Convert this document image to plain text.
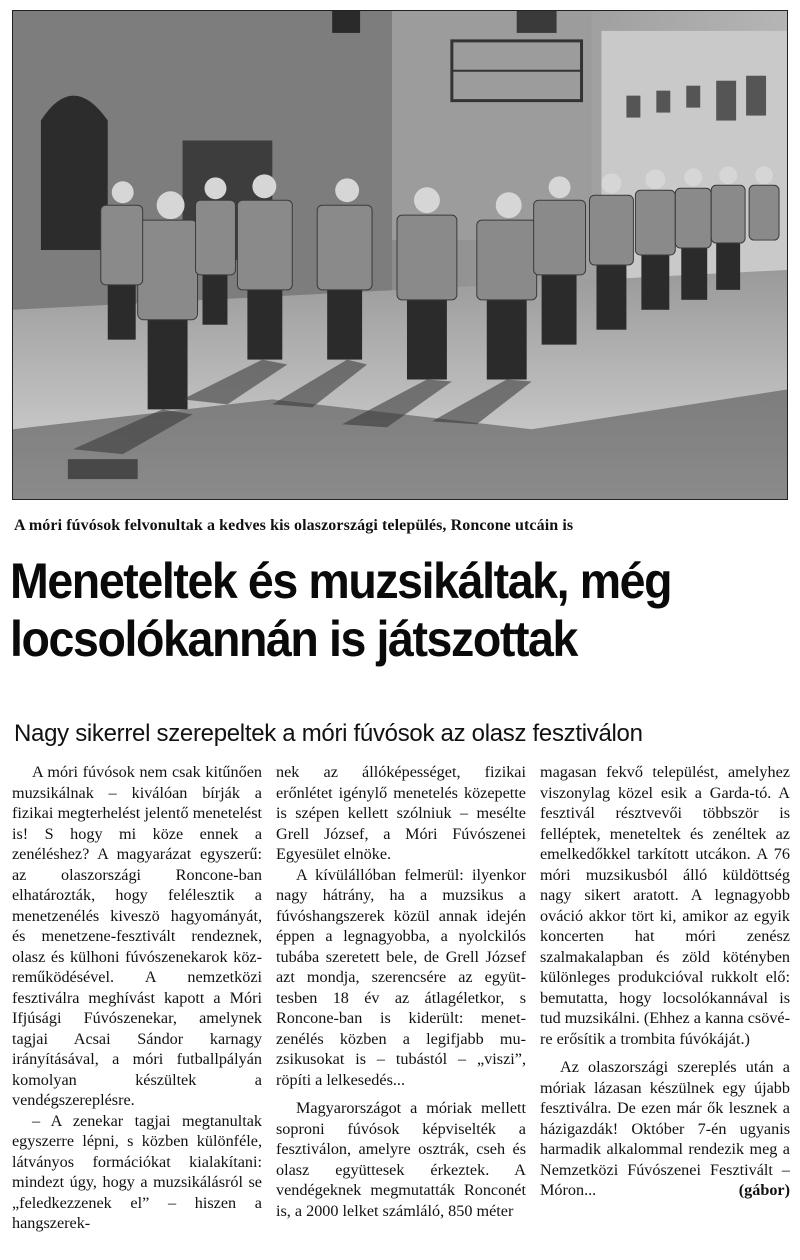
A móri fúvósok felvonultak a kedves kis olaszországi település, Roncone utcáin is
Meneteltek és muzsikáltak, még
locsolókannán is játszottak
Nagy sikerrel szerepeltek a móri fúvósok az olasz fesztiválon

A móri fúvósok nem csak kitűnően muzsikálnak – kiválóan bírják a fizikai megterhelést jelentő menetelést is! S hogy mi köze ennek a zenéléshez? A magyarázat egyszerű: az olaszországi Roncone-ban elhatározták, hogy felélesztik a menetzenélés kiveszö hagyományát, és menetzene-fesztivált rendeznek, olasz és külhoni fúvószenekarok közreműködésével. A nemzetközi fesztiválra meghívást kapott a Móri Ifjúsági Fúvószenekar, amelynek tagjai Acsai Sándor karnagy irányításával, a móri futballpályán komolyan készültek a vendégszereplésre.

– A zenekar tagjai megtanultak egyszerre lépni, s közben különféle, látványos formációkat kialakítani: mindezt úgy, hogy a muzsikálásról se „feledkezzenek el” – hiszen a hangszerek-

nek az állóképességet, fizikai erőnlétet igénylő menetelés közepette is szépen kellett szólniuk – mesélte Grell József, a Móri Fúvószenei Egyesület elnöke.

A kívülállóban felmerül: ilyenkor nagy hátrány, ha a muzsikus a fúvóshangszerek közül annak idején éppen a legnagyobba, a nyolckilós tubába szeretett bele, de Grell József azt mondja, szerencsére az együttesben 18 év az átlagéletkor, s Roncone-ban is kiderült: menetzenélés közben a legifjabb muzsikusokat is – tubástól – „viszi”, röpíti a lelkesedés...

Magyarországot a móriak mellett soproni fúvósok képviselték a fesztiválon, amelyre osztrák, cseh és olasz együttesek érkeztek. A vendégeknek megmutatták Ronconét is, a 2000 lelket számláló, 850 méter

magasan fekvő települést, amelyhez viszonylag közel esik a Garda-tó. A fesztivál résztvevői többször is felléptek, meneteltek és zenéltek az emelkedőkkel tarkított utcákon. A 76 móri muzsikusból álló küldöttség nagy sikert aratott. A legnagyobb ováció akkor tört ki, amikor az egyik koncerten hat móri zenész szalmakalapban és zöld kötényben különleges produkcióval rukkolt elő: bemutatta, hogy locsolókannával is tud muzsikálni. (Ehhez a kanna csövére erősítik a trombita fúvókáját.)

Az olaszországi szereplés után a móriak lázasan készülnek egy újabb fesztiválra. De ezen már ők lesznek a házigazdák! Október 7-én ugyanis harmadik alkalommal rendezik meg a Nemzetközi Fúvószenei Fesztivált – Móron...	(gábor)
